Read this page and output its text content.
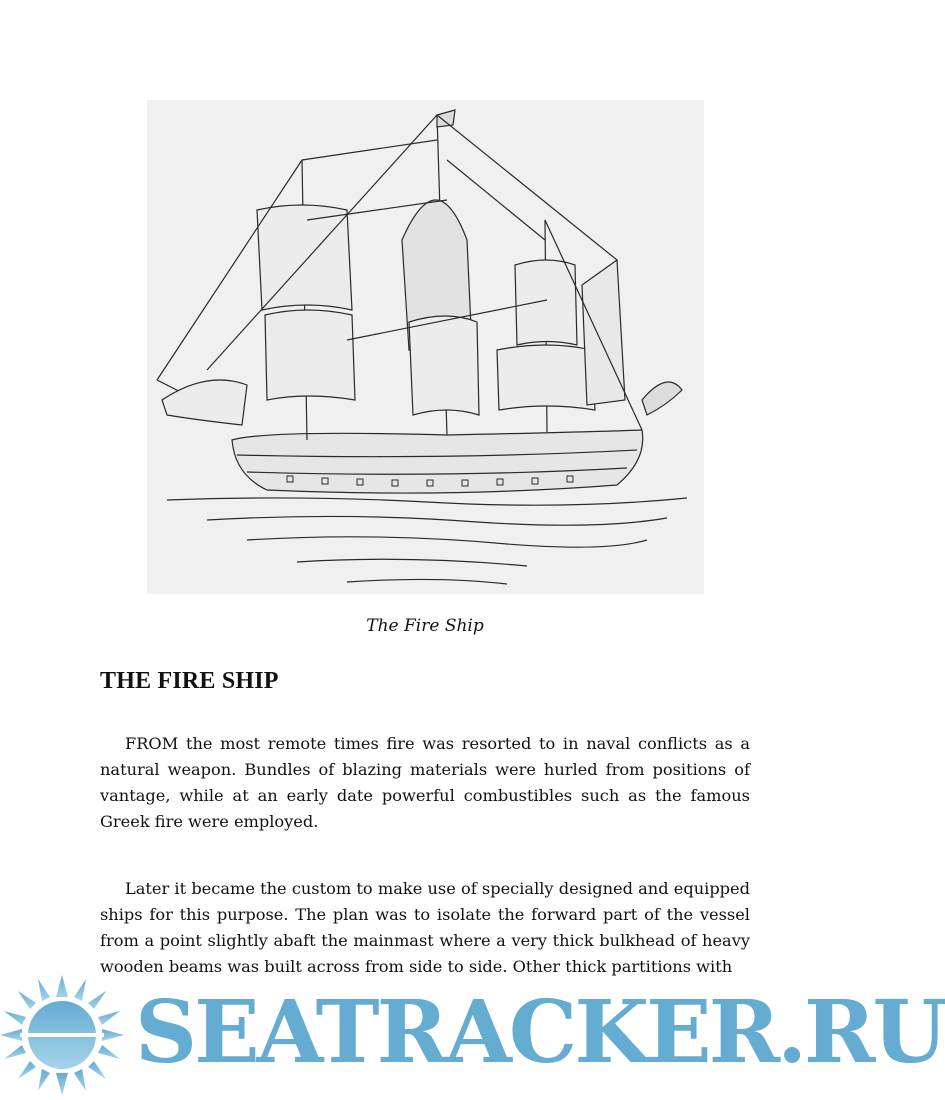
The Fire Ship
THE FIRE SHIP

FROM the most remote times fire was resorted to in naval conflicts as a natural weapon. Bundles of blazing materials were hurled from positions of vantage, while at an early date powerful combustibles such as the famous Greek fire were employed.

Later it became the custom to make use of specially designed and equipped ships for this purpose. The plan was to isolate the forward part of the vessel from a point slightly abaft the mainmast where a very thick bulkhead of heavy wooden beams was built across from side to side. Other thick partitions with

SEATRACKER.RU
